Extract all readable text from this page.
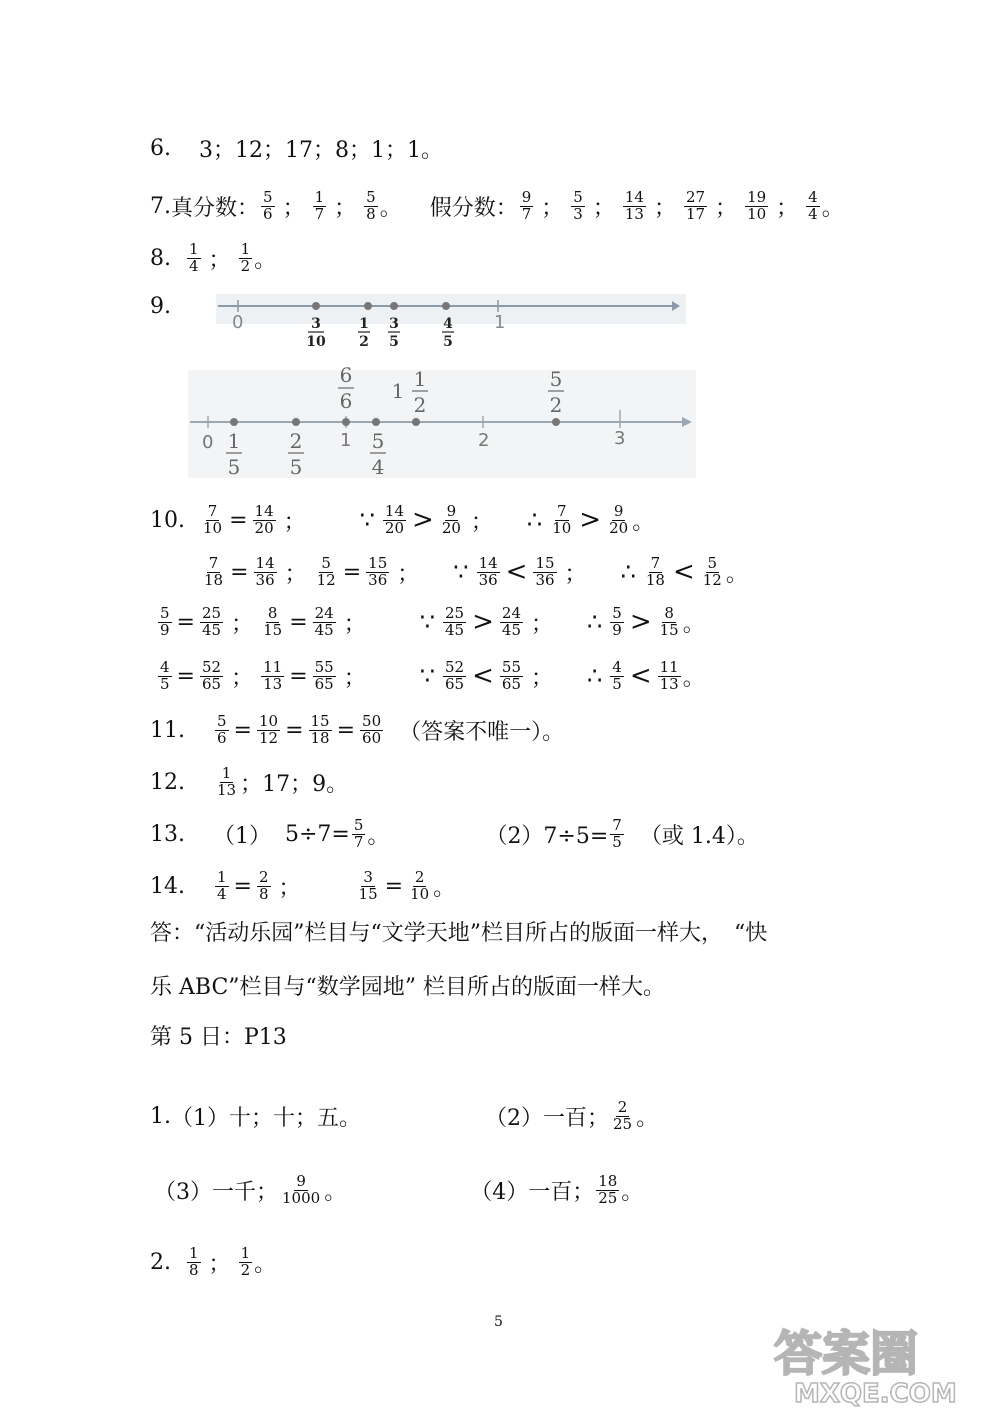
6. 3；12；17；8；1；1。
7. 真分数： $\frac{5}{6}$ ； $\frac{1}{7}$ ； $\frac{5}{8}$ 。 假分数： $\frac{9}{7}$ ； $\frac{5}{3}$ ； $\frac{14}{13}$ ； $\frac{27}{17}$ ； $\frac{19}{10}$ ； $\frac{4}{4}$ 。
8. $\frac{1}{4}$ ； $\frac{1}{2}$ 。
9.
0	1
3
10
1
2
3
5
4
5
0	1	2	3
1
5
2
5
5
4
6
6
5
2
1 1
2
10. $\frac{7}{10} = \frac{14}{20}$ ； ∵ $\frac{14}{20} > \frac{9}{20}$ ； ∴ $\frac{7}{10} > \frac{9}{20}$ 。
$\frac{7}{18} = \frac{14}{36}$ ； $\frac{5}{12} = \frac{15}{36}$ ； ∵ $\frac{14}{36} < \frac{15}{36}$ ； ∴ $\frac{7}{18} < \frac{5}{12}$ 。
$\frac{5}{9} = \frac{25}{45}$ ； $\frac{8}{15} = \frac{24}{45}$ ； ∵ $\frac{25}{45} > \frac{24}{45}$ ； ∴ $\frac{5}{9} > \frac{8}{15}$ 。
$\frac{4}{5} = \frac{52}{65}$ ； $\frac{11}{13} = \frac{55}{65}$ ； ∵ $\frac{52}{65} < \frac{55}{65}$ ； ∴ $\frac{4}{5} < \frac{11}{13}$ 。
11. $\frac{5}{6} = \frac{10}{12} = \frac{15}{18} = \frac{50}{60}$ （答案不唯一）。
12. $\frac{1}{13}$ ；17；9。
13. （1） $5\div 7= \frac{5}{7}$ 。	$(2)7\div 5= \frac{7}{5}$ （或 1.4）。
14. $\frac{1}{4} = \frac{2}{8}$ ；	$\frac{3}{15} = \frac{2}{10}$ 。
答：“活动乐园”栏目与“文学天地”栏目所占的版面一样大，　“快
乐 ABC”栏目与“数学园地” 栏目所占的版面一样大。
第 5 日：P13
1. （1）十；十；五。	（2）一百； $\frac{2}{25}$ 。
（3）一千； $\frac{9}{1000}$ 。	（4）一百； $\frac{18}{25}$ 。
2. $\frac{1}{8}$ ； $\frac{1}{2}$ 。
5
答案圈
MXQE.COM
